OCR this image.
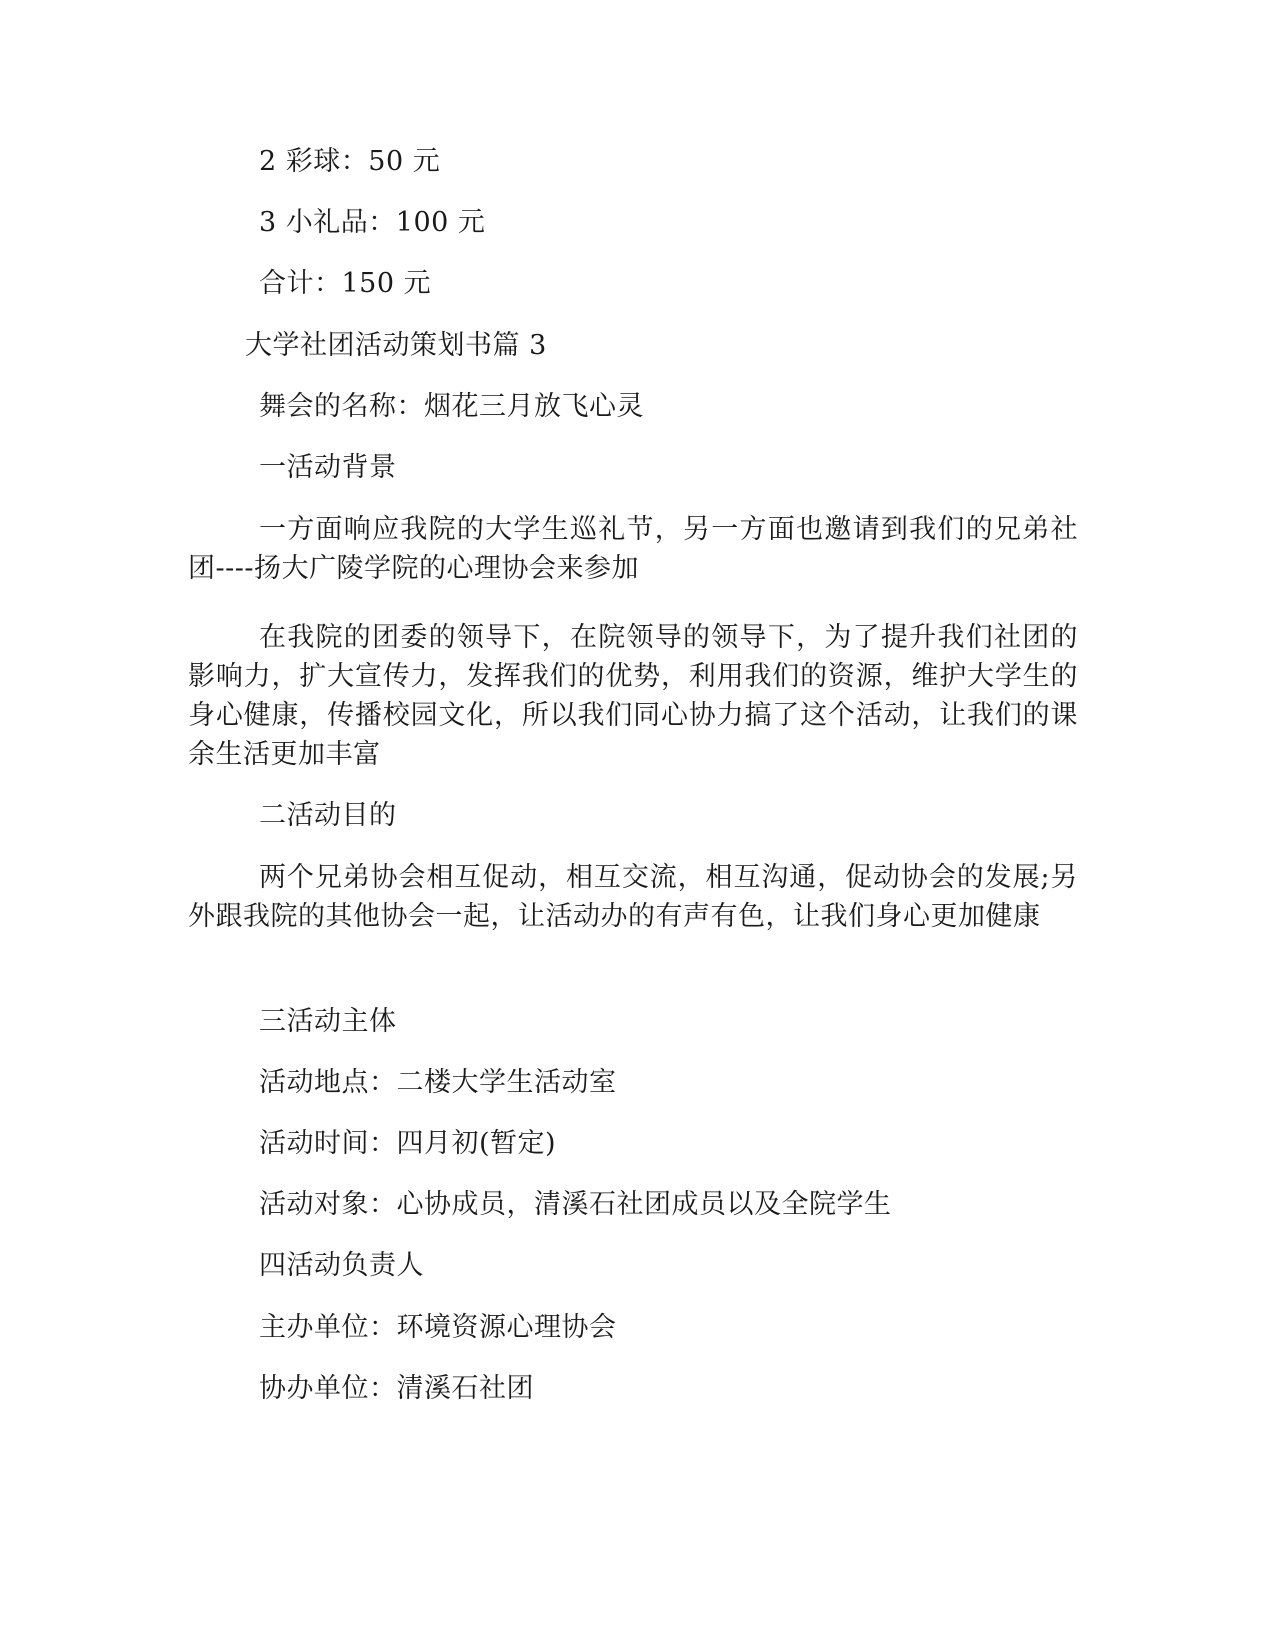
2 彩球：50 元
3 小礼品：100 元
合计：150 元
大学社团活动策划书篇 3
舞会的名称：烟花三月放飞心灵
一活动背景
一方面响应我院的大学生巡礼节，另一方面也邀请到我们的兄弟社团----扬大广陵学院的心理协会来参加
在我院的团委的领导下，在院领导的领导下，为了提升我们社团的影响力，扩大宣传力，发挥我们的优势，利用我们的资源，维护大学生的身心健康，传播校园文化，所以我们同心协力搞了这个活动，让我们的课余生活更加丰富
二活动目的
两个兄弟协会相互促动，相互交流，相互沟通，促动协会的发展;另外跟我院的其他协会一起，让活动办的有声有色，让我们身心更加健康
三活动主体
活动地点：二楼大学生活动室
活动时间：四月初(暂定)
活动对象：心协成员，清溪石社团成员以及全院学生
四活动负责人
主办单位：环境资源心理协会
协办单位：清溪石社团
